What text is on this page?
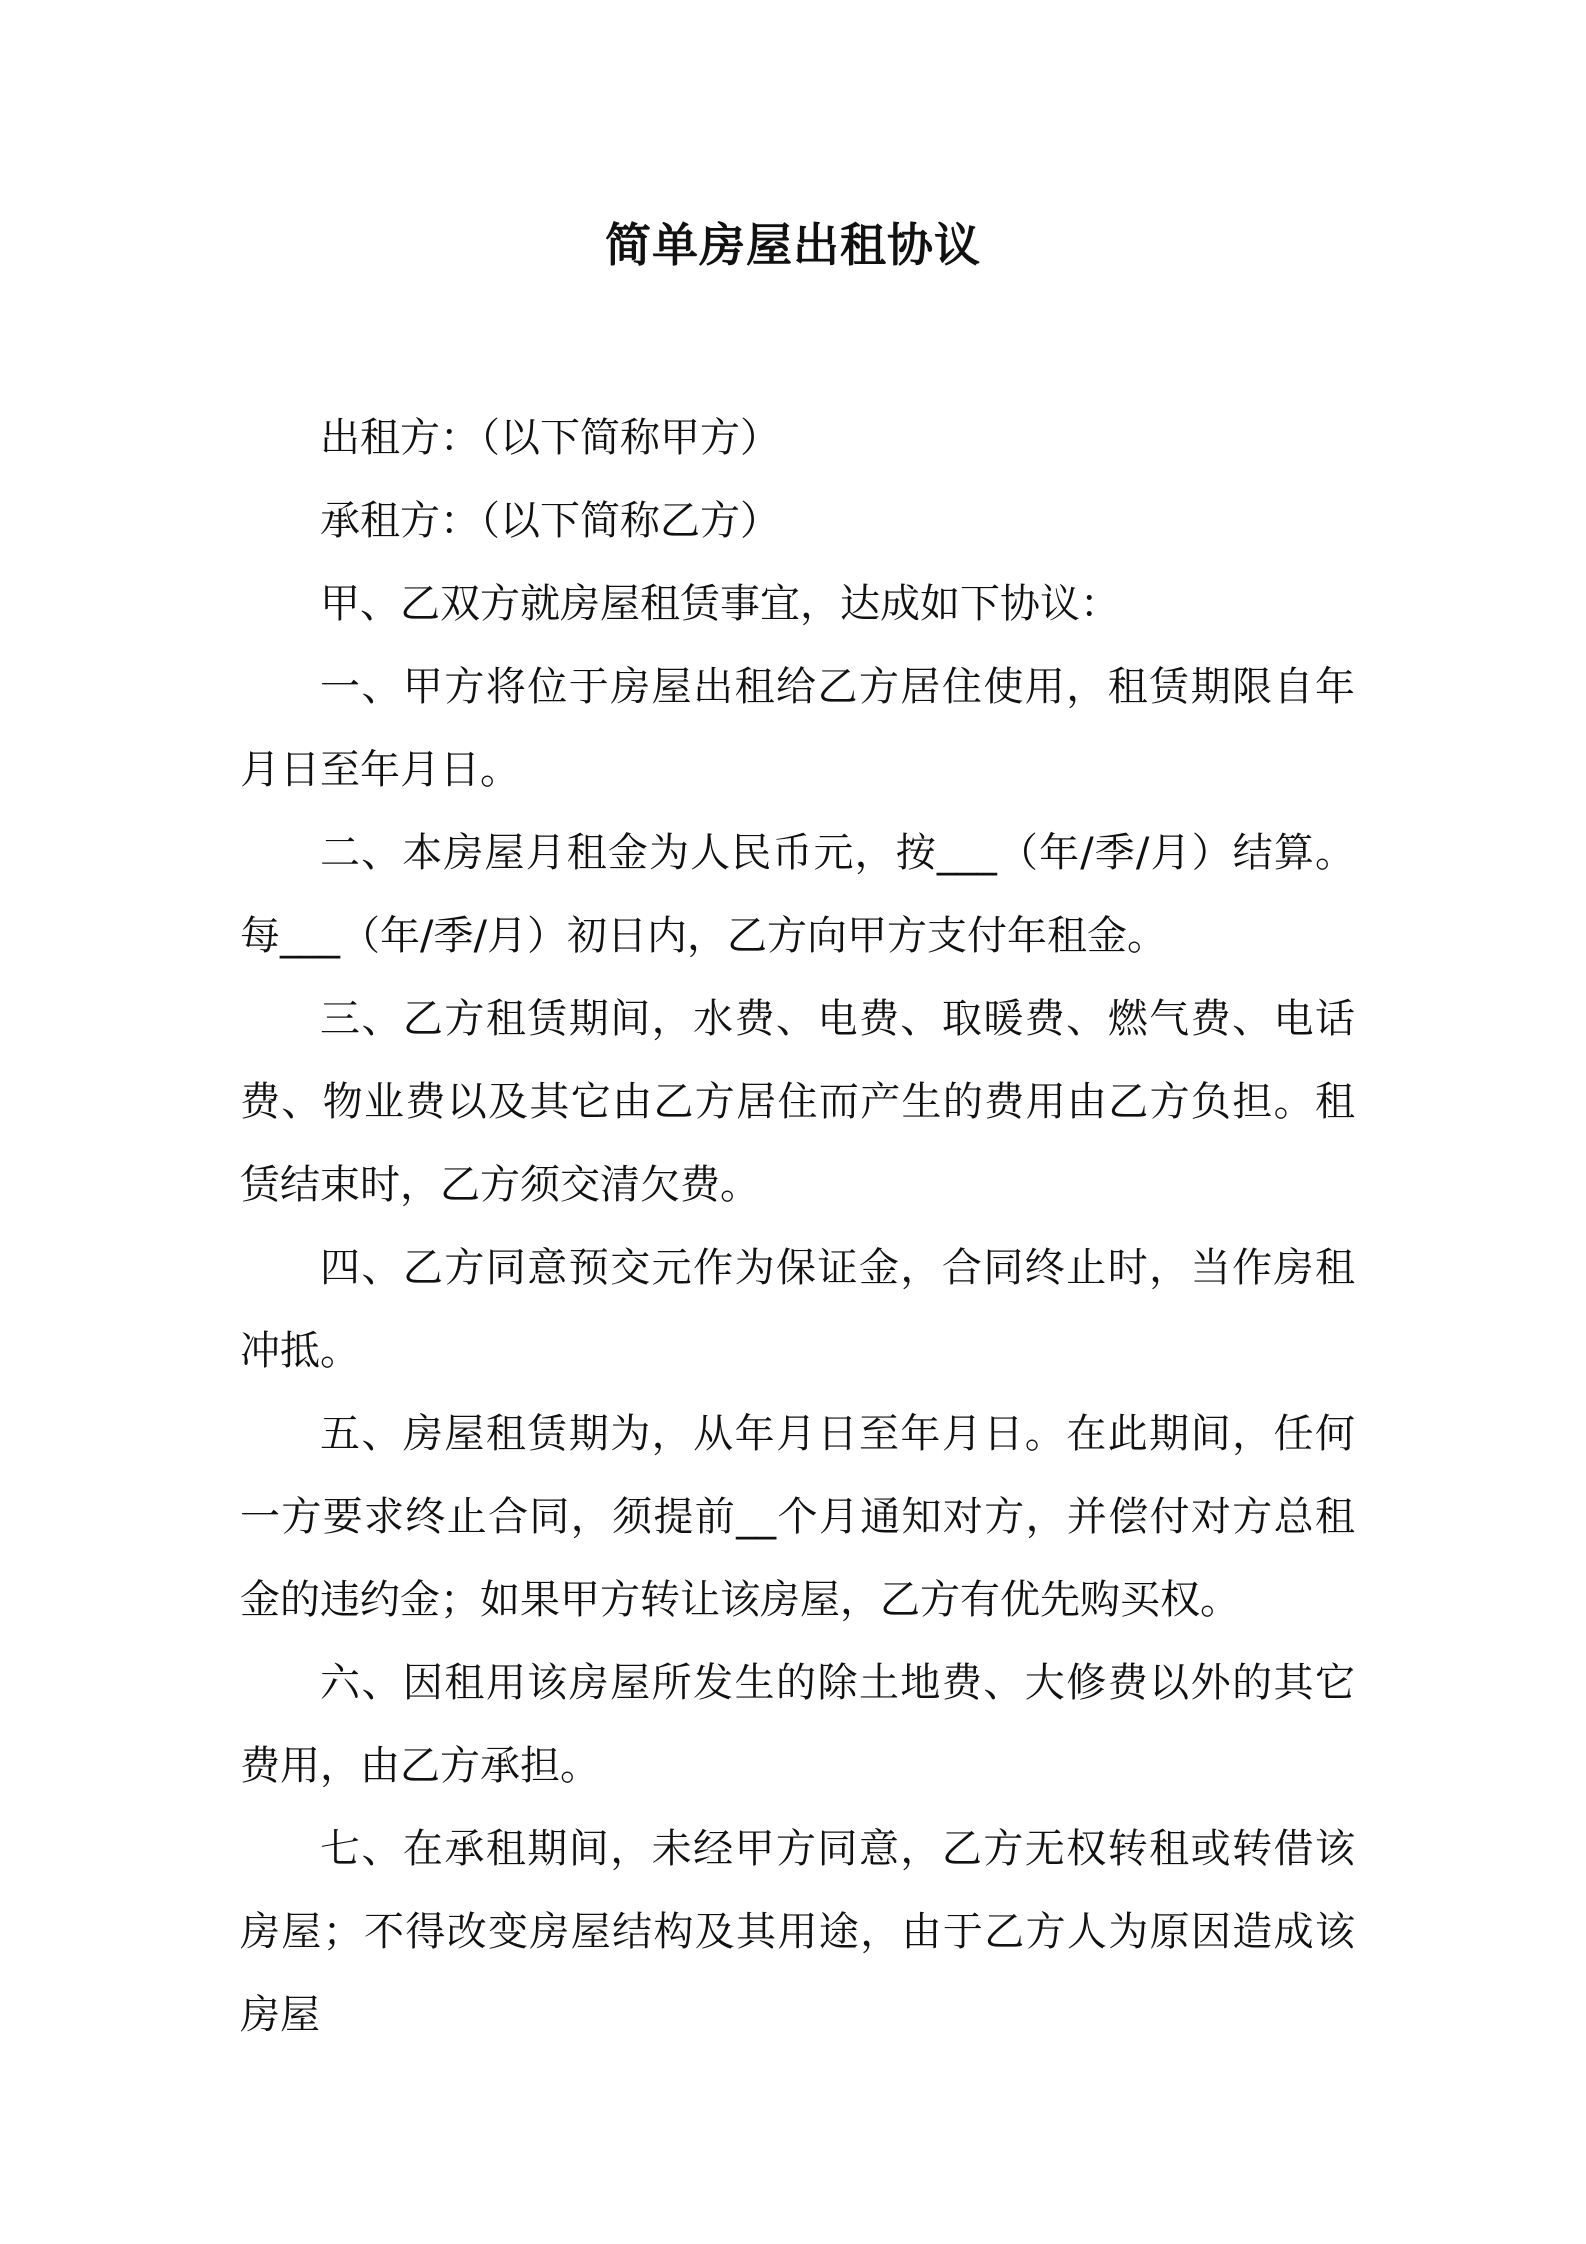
简单房屋出租协议

出租方：（以下简称甲方）

承租方：（以下简称乙方）

甲、乙双方就房屋租赁事宜，达成如下协议：

一、甲方将位于房屋出租给乙方居住使用，租赁期限自年月日至年月日。

二、本房屋月租金为人民币元，按___（年/季/月）结算。每___（年/季/月）初日内，乙方向甲方支付年租金。

三、乙方租赁期间，水费、电费、取暖费、燃气费、电话费、物业费以及其它由乙方居住而产生的费用由乙方负担。租赁结束时，乙方须交清欠费。

四、乙方同意预交元作为保证金，合同终止时，当作房租冲抵。

五、房屋租赁期为，从年月日至年月日。在此期间，任何一方要求终止合同，须提前__个月通知对方，并偿付对方总租金的违约金；如果甲方转让该房屋，乙方有优先购买权。

六、因租用该房屋所发生的除土地费、大修费以外的其它费用，由乙方承担。

七、在承租期间，未经甲方同意，乙方无权转租或转借该房屋；不得改变房屋结构及其用途，由于乙方人为原因造成该房屋
